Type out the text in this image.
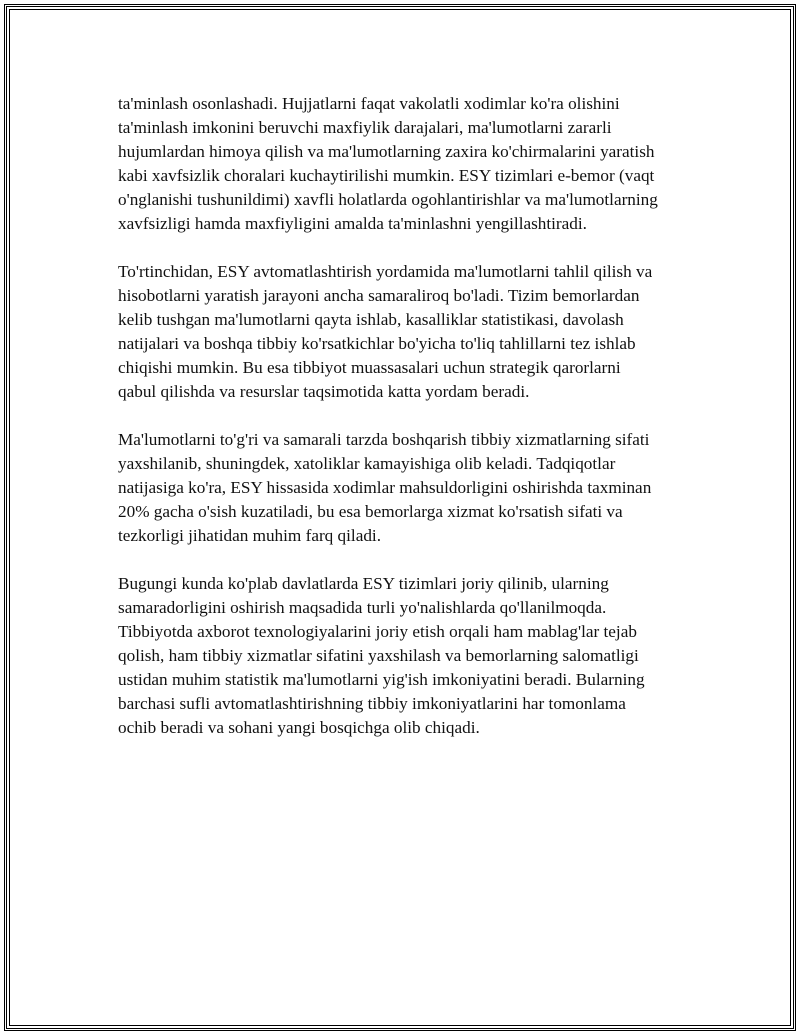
ta'minlash osonlashadi. Hujjatlarni faqat vakolatli xodimlar ko'ra olishini ta'minlash imkonini beruvchi maxfiylik darajalari, ma'lumotlarni zararli hujumlardan himoya qilish va ma'lumotlarning zaxira ko'chirmalarini yaratish kabi xavfsizlik choralari kuchaytirilishi mumkin. ESY tizimlari e-bemor (vaqt o'nglanishi tushunildimi) xavfli holatlarda ogohlantirishlar va ma'lumotlarning xavfsizligi hamda maxfiyligini amalda ta'minlashni yengillashtiradi.

To'rtinchidan, ESY avtomatlashtirish yordamida ma'lumotlarni tahlil qilish va hisobotlarni yaratish jarayoni ancha samaraliroq bo'ladi. Tizim bemorlardan kelib tushgan ma'lumotlarni qayta ishlab, kasalliklar statistikasi, davolash natijalari va boshqa tibbiy ko'rsatkichlar bo'yicha to'liq tahlillarni tez ishlab chiqishi mumkin. Bu esa tibbiyot muassasalari uchun strategik qarorlarni qabul qilishda va resurslar taqsimotida katta yordam beradi.

Ma'lumotlarni to'g'ri va samarali tarzda boshqarish tibbiy xizmatlarning sifati yaxshilanib, shuningdek, xatoliklar kamayishiga olib keladi. Tadqiqotlar natijasiga ko'ra, ESY hissasida xodimlar mahsuldorligini oshirishda taxminan 20% gacha o'sish kuzatiladi, bu esa bemorlarga xizmat ko'rsatish sifati va tezkorligi jihatidan muhim farq qiladi.

Bugungi kunda ko'plab davlatlarda ESY tizimlari joriy qilinib, ularning samaradorligini oshirish maqsadida turli yo'nalishlarda qo'llanilmoqda. Tibbiyotda axborot texnologiyalarini joriy etish orqali ham mablag'lar tejab qolish, ham tibbiy xizmatlar sifatini yaxshilash va bemorlarning salomatligi ustidan muhim statistik ma'lumotlarni yig'ish imkoniyatini beradi. Bularning barchasi sufli avtomatlashtirishning tibbiy imkoniyatlarini har tomonlama ochib beradi va sohani yangi bosqichga olib chiqadi.
